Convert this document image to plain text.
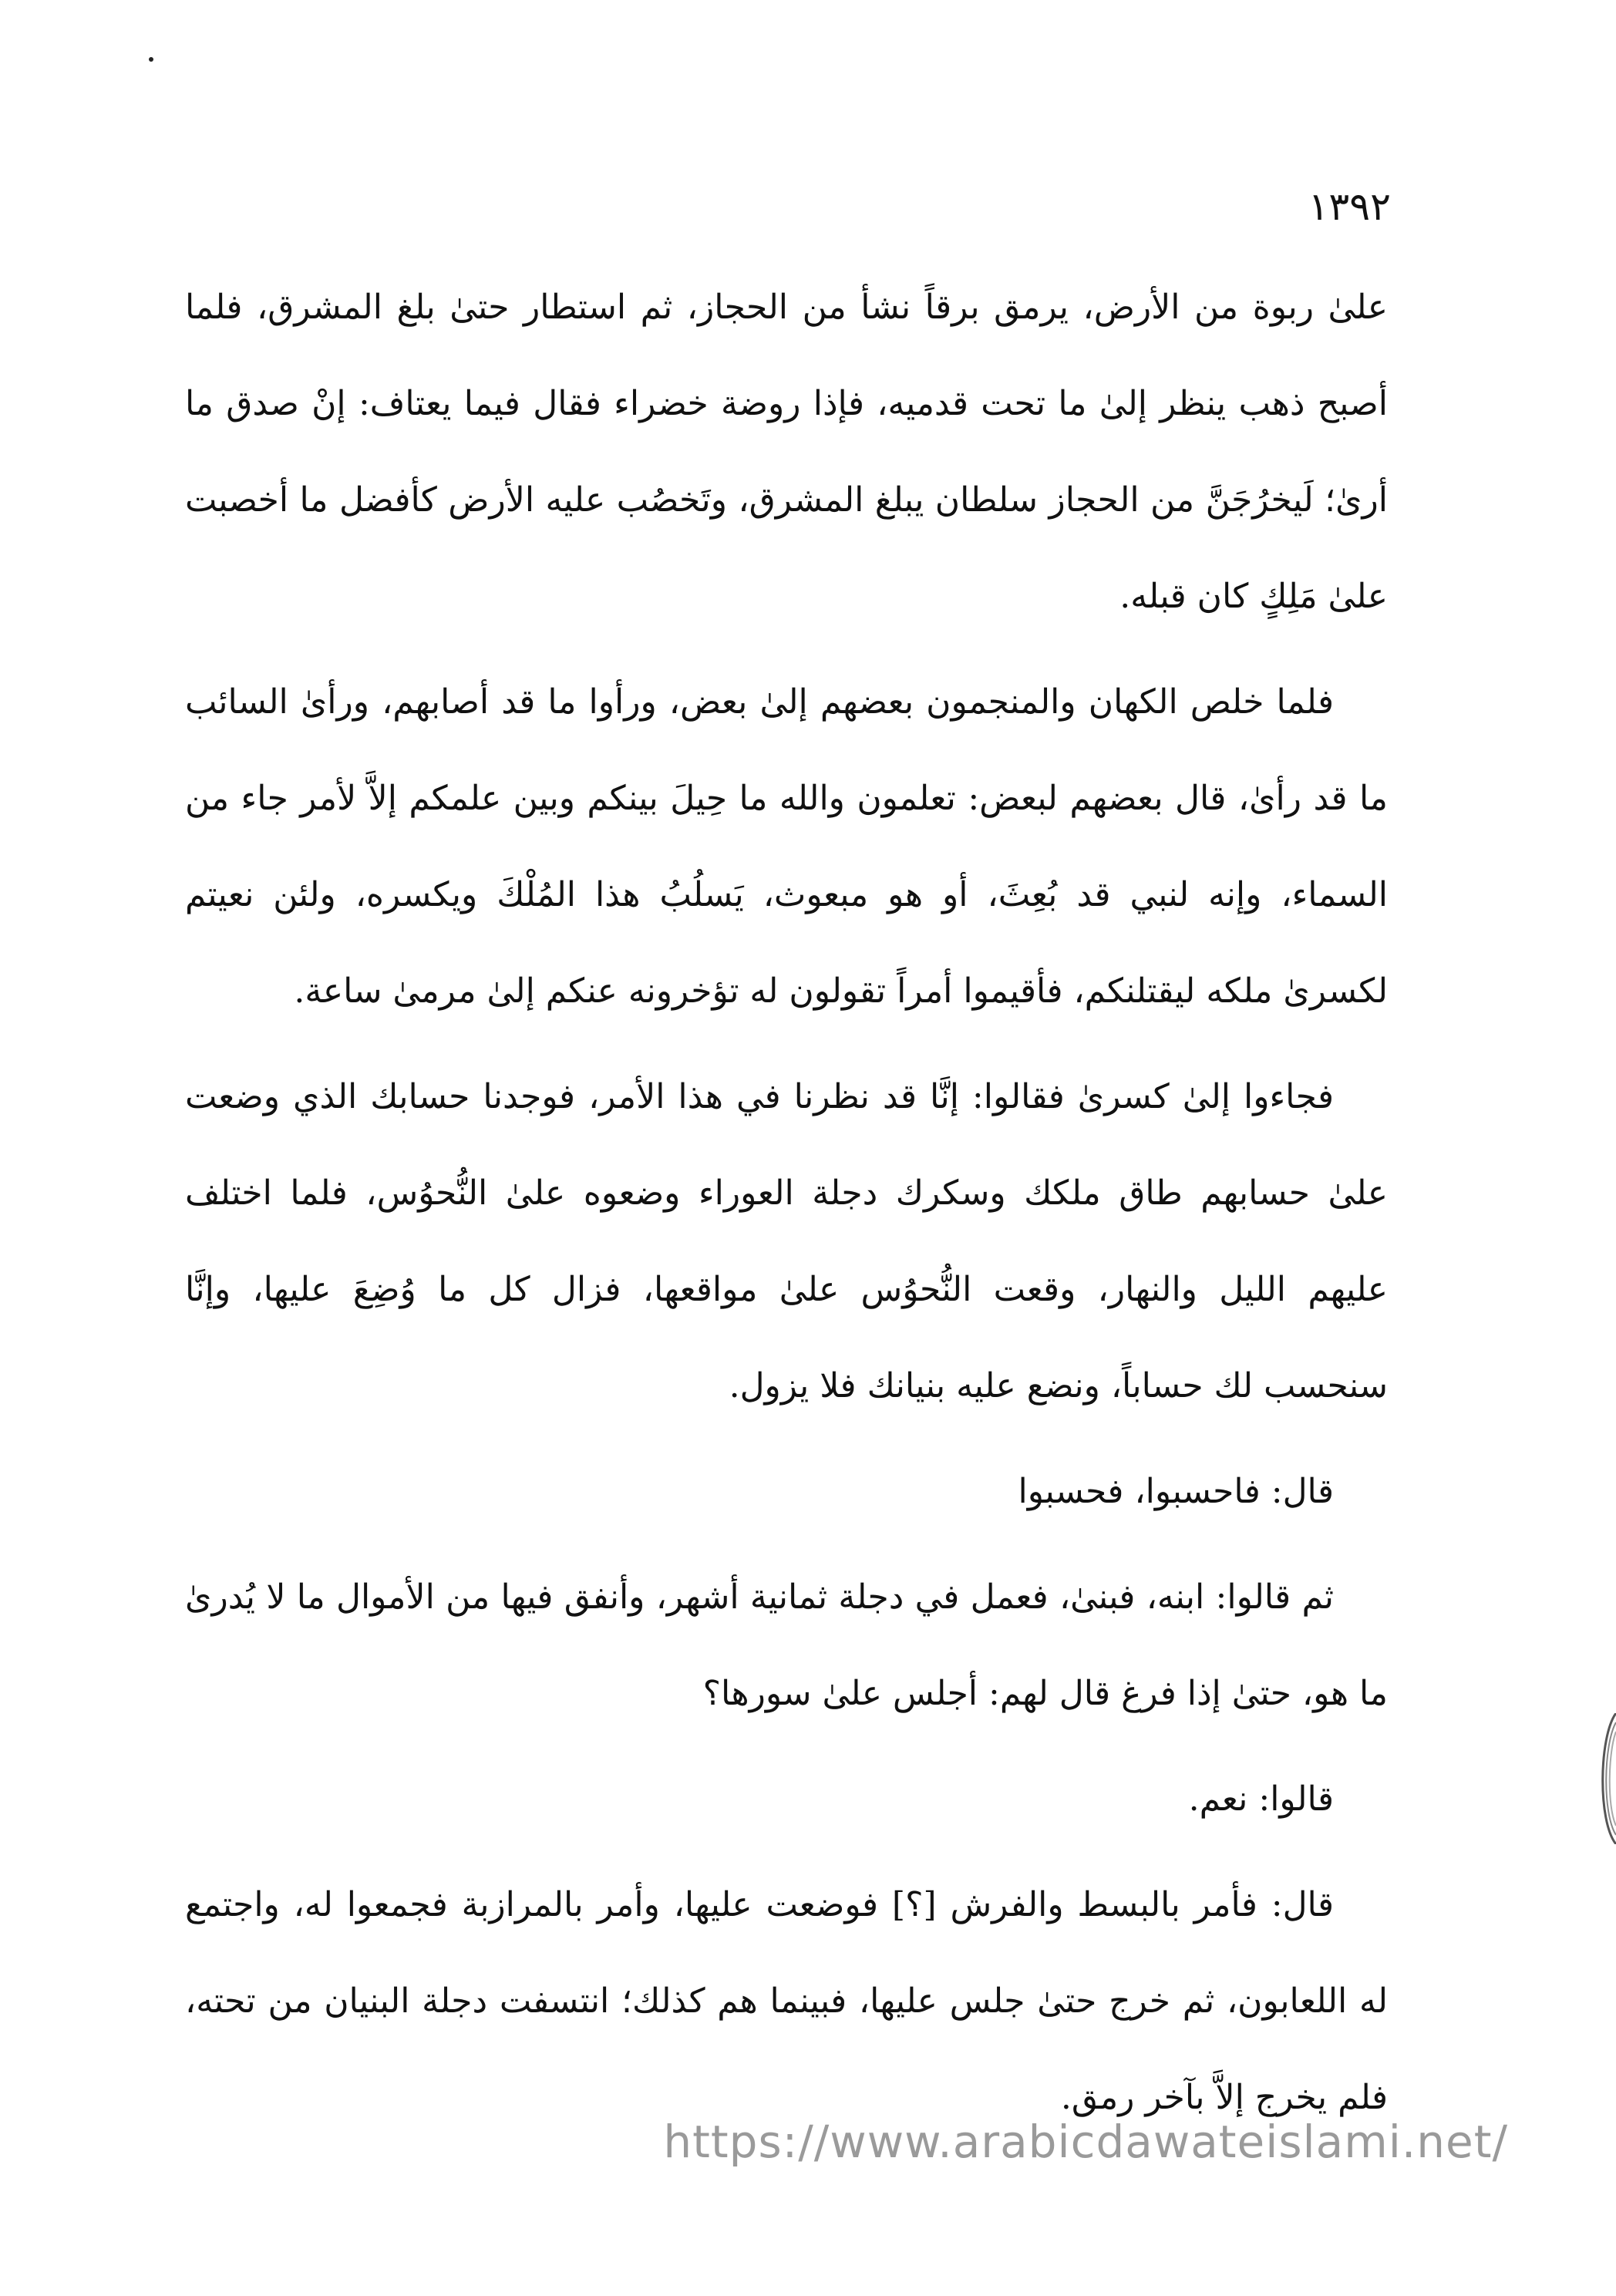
١٣٩٢

علىٰ ربوة من الأرض، يرمق برقاً نشأ من الحجاز، ثم استطار حتىٰ بلغ المشرق، فلما أصبح ذهب ينظر إلىٰ ما تحت قدميه، فإذا روضة خضراء فقال فيما يعتاف: إنْ صدق ما أرىٰ؛ لَيخرُجَنَّ من الحجاز سلطان يبلغ المشرق، وتَخصُب عليه الأرض كأفضل ما أخصبت علىٰ مَلِكٍ كان قبله.

فلما خلص الكهان والمنجمون بعضهم إلىٰ بعض، ورأوا ما قد أصابهم، ورأىٰ السائب ما قد رأىٰ، قال بعضهم لبعض: تعلمون والله ما حِيلَ بينكم وبين علمكم إلاَّ لأمر جاء من السماء، وإنه لنبي قد بُعِثَ، أو هو مبعوث، يَسلُبُ هذا المُلْكَ ويكسره، ولئن نعيتم لكسرىٰ ملكه ليقتلنكم، فأقيموا أمراً تقولون له تؤخرونه عنكم إلىٰ مرمىٰ ساعة.

فجاءوا إلىٰ كسرىٰ فقالوا: إنَّا قد نظرنا في هذا الأمر، فوجدنا حسابك الذي وضعت علىٰ حسابهم طاق ملكك وسكرك دجلة العوراء وضعوه علىٰ النُّحوُس، فلما اختلف عليهم الليل والنهار، وقعت النُّحوُس علىٰ مواقعها، فزال كل ما وُضِعَ عليها، وإنَّا سنحسب لك حساباً، ونضع عليه بنيانك فلا يزول.

قال: فاحسبوا، فحسبوا

ثم قالوا: ابنه، فبنىٰ، فعمل في دجلة ثمانية أشهر، وأنفق فيها من الأموال ما لا يُدرىٰ ما هو، حتىٰ إذا فرغ قال لهم: أجلس علىٰ سورها؟

قالوا: نعم.

قال: فأمر بالبسط والفرش [؟] فوضعت عليها، وأمر بالمرازبة فجمعوا له، واجتمع له اللعابون، ثم خرج حتىٰ جلس عليها، فبينما هم كذلك؛ انتسفت دجلة البنيان من تحته، فلم يخرج إلاَّ بآخر رمق.

https://www.arabicdawateislami.net/
